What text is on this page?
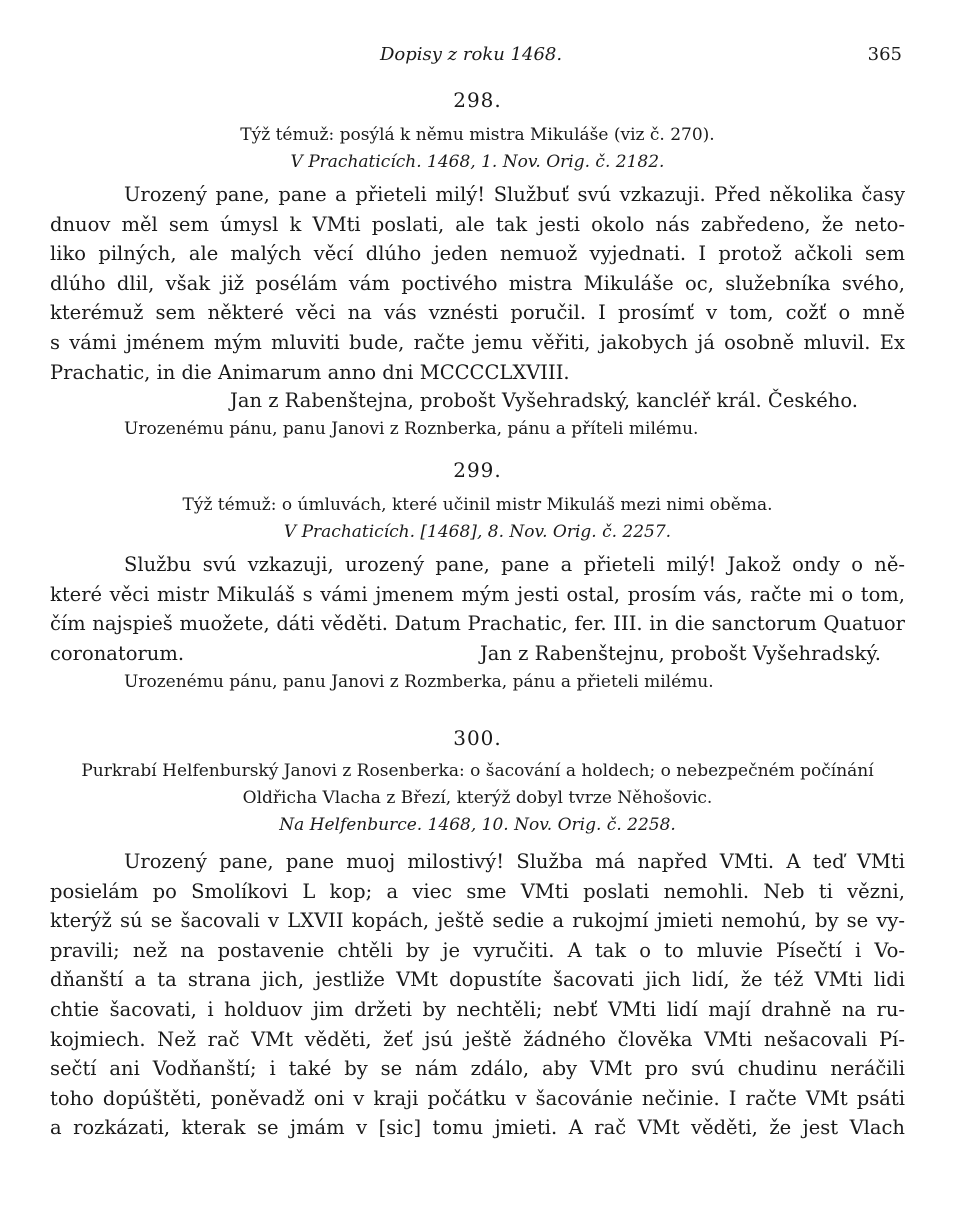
Dopisy z roku 1468.	365
298.
Týž témuž: posýlá k němu mistra Mikuláše (viz č. 270).
V Prachaticích. 1468, 1. Nov. Orig. č. 2182.
Urozený pane, pane a přieteli milý! Službuť svú vzkazuji. Před několika časy
dnuov měl sem úmysl k VMti poslati, ale tak jesti okolo nás zabředeno, že neto-
liko pilných, ale malých věcí dlúho jeden nemuož vyjednati. I protož ačkoli sem
dlúho dlil, však již posélám vám poctivého mistra Mikuláše oc, služebníka svého,
kterémuž sem některé věci na vás vznésti poručil. I prosímť v tom, cožť o mně
s vámi jménem mým mluviti bude, račte jemu věřiti, jakobych já osobně mluvil. Ex
Prachatic, in die Animarum anno dni MCCCCLXVIII.
Jan z Rabenštejna, probošt Vyšehradský, kancléř král. Českého.
Urozenému pánu, panu Janovi z Roznberka, pánu a příteli milému.
299.
Týž témuž: o úmluvách, které učinil mistr Mikuláš mezi nimi oběma.
V Prachaticích. [1468], 8. Nov. Orig. č. 2257.
Službu svú vzkazuji, urozený pane, pane a přieteli milý! Jakož ondy o ně-
které věci mistr Mikuláš s vámi jmenem mým jesti ostal, prosím vás, račte mi o tom,
čím najspieš muožete, dáti věděti. Datum Prachatic, fer. III. in die sanctorum Quatuor
coronatorum.	Jan z Rabenštejnu, probošt Vyšehradský.
Urozenému pánu, panu Janovi z Rozmberka, pánu a přieteli milému.
300.
Purkrabí Helfenburský Janovi z Rosenberka: o šacování a holdech; o nebezpečném počínání
Oldřicha Vlacha z Březí, kterýž dobyl tvrze Něhošovic.
Na Helfenburce. 1468, 10. Nov. Orig. č. 2258.
Urozený pane, pane muoj milostivý! Služba má napřed VMti. A teď VMti
posielám po Smolíkovi L kop; a viec sme VMti poslati nemohli. Neb ti vězni,
kterýž sú se šacovali v LXVII kopách, ještě sedie a rukojmí jmieti nemohú, by se vy-
pravili; než na postavenie chtěli by je vyručiti. A tak o to mluvie Písečtí i Vo-
dňanští a ta strana jich, jestliže VMt dopustíte šacovati jich lidí, že též VMti lidi
chtie šacovati, i holduov jim držeti by nechtěli; nebť VMti lidí mají drahně na ru-
kojmiech. Než rač VMt věděti, žeť jsú ještě žádného člověka VMti nešacovali Pí-
sečtí ani Vodňanští; i také by se nám zdálo, aby VMt pro svú chudinu neráčili
toho dopúštěti, poněvadž oni v kraji počátku v šacovánie nečinie. I račte VMt psáti
a rozkázati, kterak se jmám v [sic] tomu jmieti. A rač VMt věděti, že jest Vlach
